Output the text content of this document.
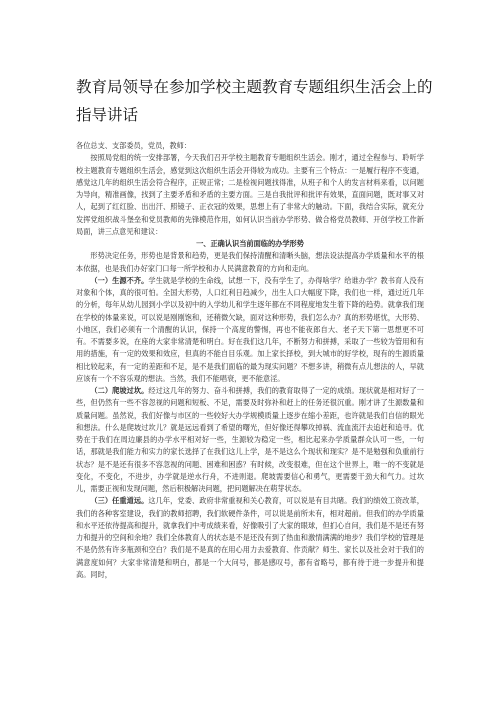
教育局领导在参加学校主题教育专题组织生活会上的指导讲话

各位总支、支部委员，党员，教师：

按照局党组的统一安排部署，今天我们召开学校主题教育专题组织生活会。刚才，通过全程参与、聆听学校主题教育专题组织生活会，感觉到这次组织生活会开得较为成功。主要有三个特点：一是履行程序不变通，感觉这几年的组织生活会符合程序，正规正常；二是检视问题找得准，从班子和个人的发言材料来看，以问题为导向，精准画像，找到了主要矛盾和矛盾的主要方面。三是自我批评和批评有效果，直面问题，既对事又对人，起到了红红脸、出出汗、照镜子、正衣冠的效果，思想上有了非常大的触动。下面，我结合实际，就充分发挥党组织战斗堡垒和党员教师的先锋模范作用，如何认识当前办学形势、做合格党员教师、开创学校工作新局面，讲三点意见和建议：

一、正确认识当前面临的办学形势

形势决定任务，形势也是背景和趋势，更是我们保持清醒和清晰头脑，想法设法提高办学质量和水平的根本依据，也是我们办好家门口每一所学校和办人民满意教育的方向和走向。

（一）生源不齐。学生就是学校的生命线，试想一下，没有学生了，办得啥学？给谁办学？教书育人没有对象和个体，真的很可怕。全国大形势，人口红利日趋减少，出生人口大幅度下降，我们也一样，通过近几年的分析，每年从幼儿园到小学以及初中的入学幼儿和学生逐年都在不同程度地发生着下降的趋势。就拿我们现在学校的体量来说，可以说是刚刚饱和，还稍微欠缺，面对这种形势，我们怎么办？真的形势堪忧，大形势、小地区，我们必须有一个清醒的认识，保持一个高度的警惕，再也不能夜郎自大、老子天下第一思想更不可有。不需要多说，在座的大家非常清楚和明白。好在我们这几年，不断努力和拼搏，采取了一些较为管用和有用的措施，有一定的效果和效应，但真的不能自目乐观。加上家长择校，到大城市的好学校，现有的生源质量相比较起来，有一定的差距和不足，是不是我们面临的最为现实问题？不想多讲，稍微有点儿想法的人，早就应该有一个不容乐观的想法。当然，我们不能唱衰，更不能意淫。

（二）爬坡过坎。经过这几年的努力、奋斗和拼搏，我们的教育取得了一定的成绩。现状就是相对好了一些，但仍然有一些不容忽视的问题和短板、不足，需要及时弥补和赶上的任务还很沉重。刚才讲了生源数量和质量问题。虽然说，我们好像与市区的一些较好大办学规模质量上逐步在缩小差距，也许就是我们自信的眼光和想法。什么是爬坡过坎儿？就是远远看到了希望的曙光，但好像还得攀攻掉祸、流血流汗去追赶和追寻。优势在于我们在周边廉县的办学水平相对好一些，生源较为稳定一些，相比起来办学质量群众认可一些，一句话，那就是我们能力和实力的家长选择了在我们这儿上学，是不是这么个现状和现实？是不是勉强和负重前行状态？是不是还有很多不容忽视的问题、困难和困惑？有时候，改变很难，但在这个世界上，唯一的不变就是变化，不变化，不进步，办学就是逆水行舟，不进则退。爬坡需要信心和勇气，更需要干劲大和气力。过坎儿，需要正视和发现问题，然后积极解决问题，把问题解决在萌芽状态。

（三）任重道远。这几年，党委、政府非常重视和关心教育，可以说是有目共睹。我们的绩效工资改革，我们的各种客室建设，我们的教师招聘，我们软硬件条件，可以说是前所未有，相对超前。但我们的办学质量和水平还依待提高和提升，就拿我们中考成绩来看，好像吸引了大家的眼球，但扪心自问，我们是不是还有努力和提升的空间和余地？我们全体教育人的状态是不是还没有到了热血和激情满满的地步？我们学校的管理是不是仍然有许多瓶颈和空白？我们是不是真的在用心用力去爱教育、作贡献？师生、家长以及社会对于我们的满意度如何？大家非常清楚和明白，都是一个大问号，都是感叹号，都有省略号，都有待于进一步提升和提高。同时，
